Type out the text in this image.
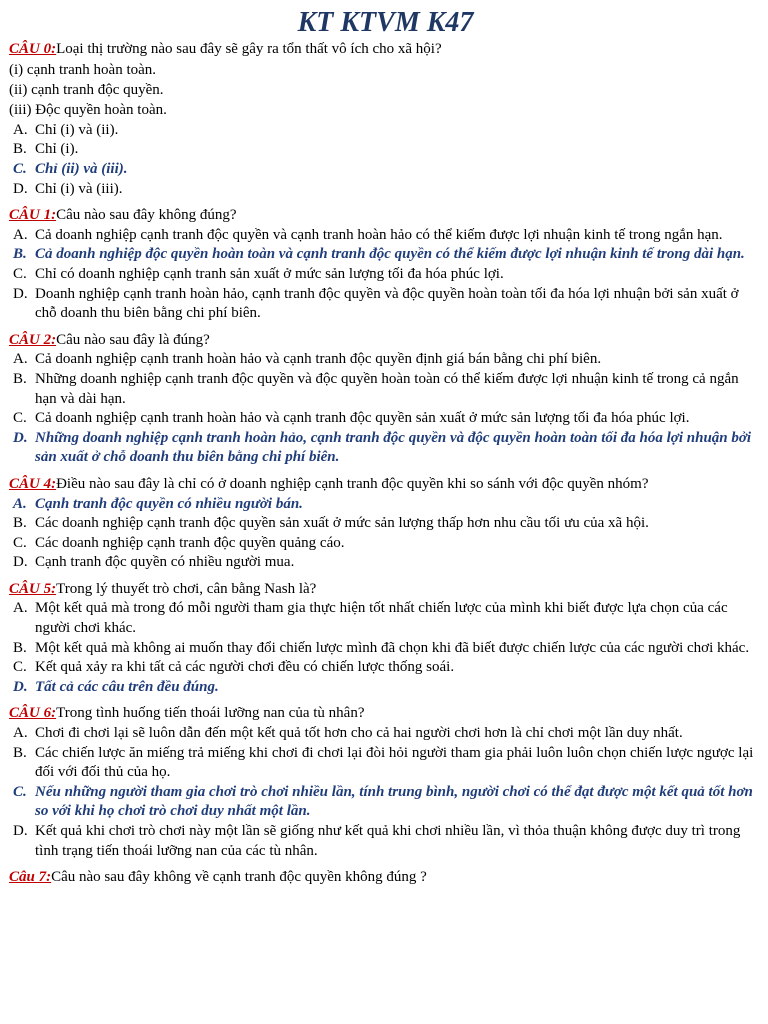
KT KTVM K47
CÂU 0:Loại thị trường nào sau đây sẽ gây ra tổn thất vô ích cho xã hội?
(i) cạnh tranh hoàn toàn.
(ii) cạnh tranh độc quyền.
(iii) Độc quyền hoàn toàn.
A. Chỉ (i) và (ii).
B. Chỉ (i).
C. Chỉ (ii) và (iii).
D. Chỉ (i) và (iii).
CÂU 1:Câu nào sau đây không đúng?
A. Cả doanh nghiệp cạnh tranh độc quyền và cạnh tranh hoàn hảo có thể kiếm được lợi nhuận kinh tế trong ngắn hạn.
B. Cả doanh nghiệp độc quyền hoàn toàn và cạnh tranh độc quyền có thể kiếm được lợi nhuận kinh tế trong dài hạn.
C. Chỉ có doanh nghiệp cạnh tranh sản xuất ở mức sản lượng tối đa hóa phúc lợi.
D. Doanh nghiệp cạnh tranh hoàn hảo, cạnh tranh độc quyền và độc quyền hoàn toàn tối đa hóa lợi nhuận bởi sản xuất ở chỗ doanh thu biên bằng chi phí biên.
CÂU 2:Câu nào sau đây là đúng?
A. Cả doanh nghiệp cạnh tranh hoàn hảo và cạnh tranh độc quyền định giá bán bằng chi phí biên.
B. Những doanh nghiệp cạnh tranh độc quyền và độc quyền hoàn toàn có thể kiếm được lợi nhuận kinh tế trong cả ngắn hạn và dài hạn.
C. Cả doanh nghiệp cạnh tranh hoàn hảo và cạnh tranh độc quyền sản xuất ở mức sản lượng tối đa hóa phúc lợi.
D. Những doanh nghiệp cạnh tranh hoàn hảo, cạnh tranh độc quyền và độc quyền hoàn toàn tối đa hóa lợi nhuận bởi sản xuất ở chỗ doanh thu biên bằng chi phí biên.
CÂU 4:Điều nào sau đây là chỉ có ở doanh nghiệp cạnh tranh độc quyền khi so sánh với độc quyền nhóm?
A. Cạnh tranh độc quyền có nhiều người bán.
B. Các doanh nghiệp cạnh tranh độc quyền sản xuất ở mức sản lượng thấp hơn nhu cầu tối ưu của xã hội.
C. Các doanh nghiệp cạnh tranh độc quyền quảng cáo.
D. Cạnh tranh độc quyền có nhiều người mua.
CÂU 5:Trong lý thuyết trò chơi, cân bằng Nash là?
A. Một kết quả mà trong đó mỗi người tham gia thực hiện tốt nhất chiến lược của mình khi biết được lựa chọn của các người chơi khác.
B. Một kết quả mà không ai muốn thay đổi chiến lược mình đã chọn khi đã biết được chiến lược của các người chơi khác.
C. Kết quả xảy ra khi tất cả các người chơi đều có chiến lược thống soái.
D. Tất cả các câu trên đều đúng.
CÂU 6:Trong tình huống tiến thoái lưỡng nan của tù nhân?
A. Chơi đi chơi lại sẽ luôn dẫn đến một kết quả tốt hơn cho cả hai người chơi hơn là chỉ chơi một lần duy nhất.
B. Các chiến lược ăn miếng trả miếng khi chơi đi chơi lại đòi hỏi người tham gia phải luôn luôn chọn chiến lược ngược lại đối với đối thủ của họ.
C. Nếu những người tham gia chơi trò chơi nhiều lần, tính trung bình, người chơi có thể đạt được một kết quả tốt hơn so với khi họ chơi trò chơi duy nhất một lần.
D. Kết quả khi chơi trò chơi này một lần sẽ giống như kết quả khi chơi nhiều lần, vì thỏa thuận không được duy trì trong tình trạng tiến thoái lưỡng nan của các tù nhân.
Câu 7:Câu nào sau đây không về cạnh tranh độc quyền không đúng ?
